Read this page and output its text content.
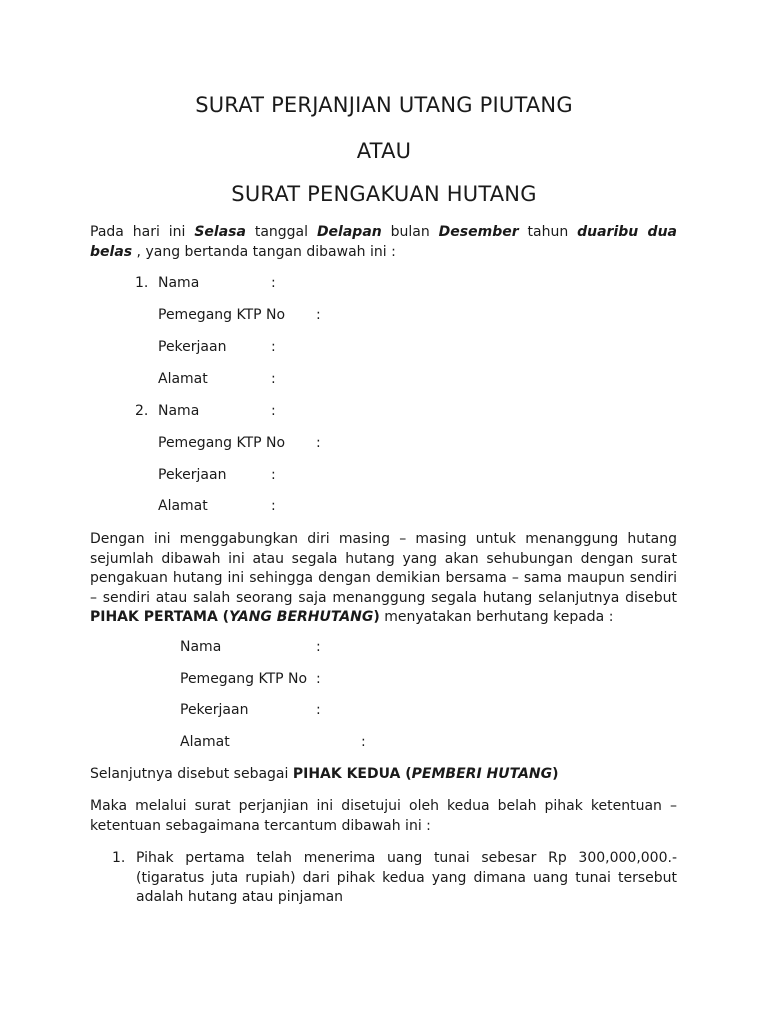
SURAT PERJANJIAN UTANG PIUTANG
ATAU
SURAT PENGAKUAN HUTANG
Pada hari ini Selasa tanggal Delapan bulan Desember tahun duaribu dua belas , yang bertanda tangan dibawah ini :
1. Nama	:
Pemegang KTP No :
Pekerjaan	:
Alamat	:
2. Nama	:
Pemegang KTP No :
Pekerjaan	:
Alamat	:
Dengan ini menggabungkan diri masing – masing untuk menanggung hutang sejumlah dibawah ini atau segala hutang yang akan sehubungan dengan surat pengakuan hutang ini sehingga dengan demikian bersama – sama maupun sendiri – sendiri atau salah seorang saja menanggung segala hutang selanjutnya disebut PIHAK PERTAMA (YANG BERHUTANG) menyatakan berhutang kepada :
Nama	:
Pemegang KTP No :
Pekerjaan	:
Alamat	:
Selanjutnya disebut sebagai PIHAK KEDUA (PEMBERI HUTANG)
Maka melalui surat perjanjian ini disetujui oleh kedua belah pihak ketentuan – ketentuan sebagaimana tercantum dibawah ini :
1. Pihak pertama telah menerima uang tunai sebesar Rp 300,000,000.- (tigaratus juta rupiah) dari pihak kedua yang dimana uang tunai tersebut adalah hutang atau pinjaman
